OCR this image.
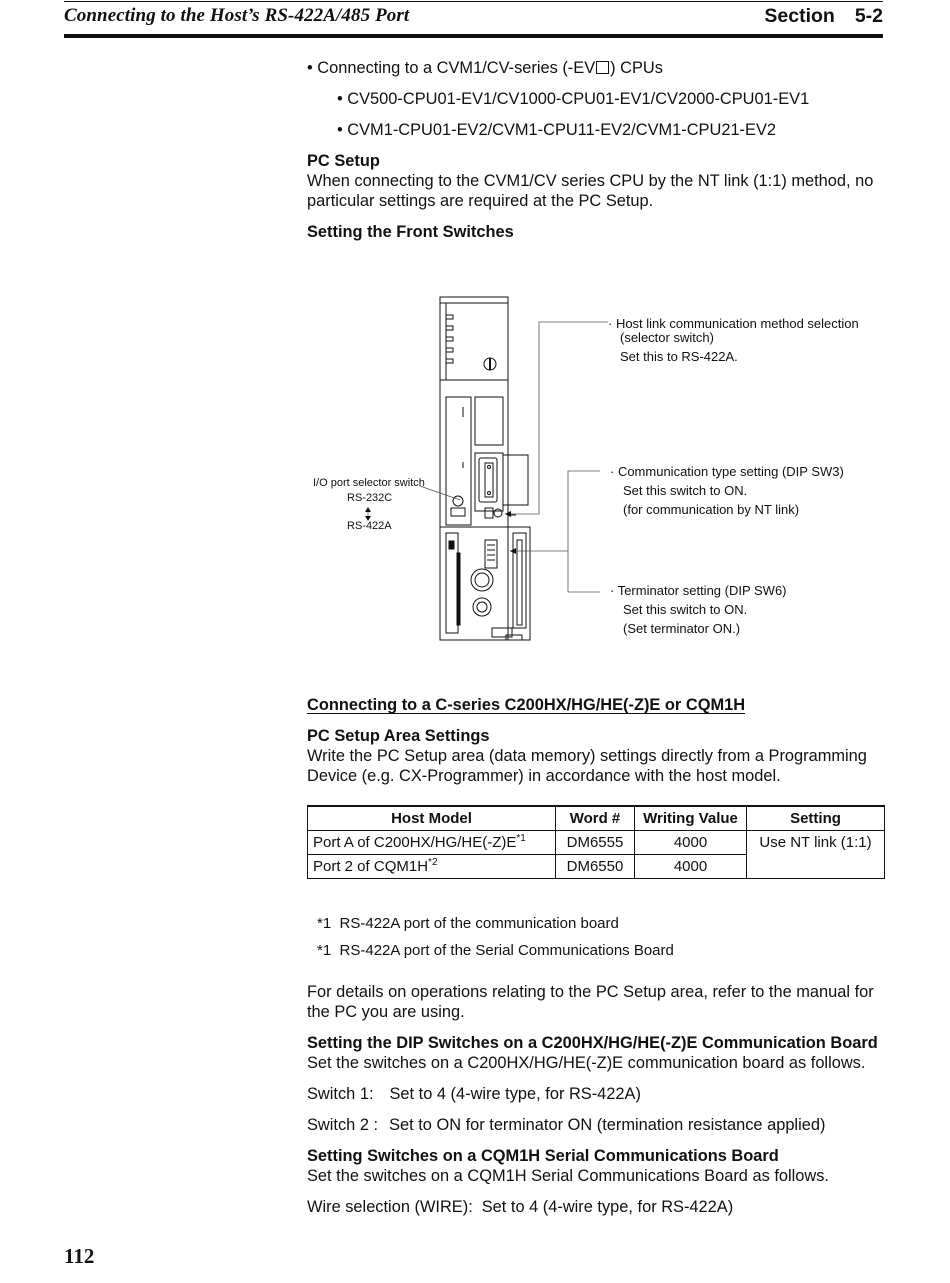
Connecting to the Host’s RS-422A/485 Port	Section 5-2
• Connecting to a CVM1/CV-series (-EV ) CPUs
• CV500-CPU01-EV1/CV1000-CPU01-EV1/CV2000-CPU01-EV1
• CVM1-CPU01-EV2/CVM1-CPU11-EV2/CVM1-CPU21-EV2
PC Setup
When connecting to the CVM1/CV series CPU by the NT link (1:1) method, no
particular settings are required at the PC Setup.
Setting the Front Switches
· Host link communication method selection
(selector switch)
Set this to RS-422A.
· Communication type setting (DIP SW3)
Set this switch to ON.
(for communication by NT link)
· Terminator setting (DIP SW6)
Set this switch to ON.
(Set terminator ON.)
I/O port selector switch
RS-232C
RS-422A
Connecting to a C-series C200HX/HG/HE(-Z)E or CQM1H
PC Setup Area Settings
Write the PC Setup area (data memory) settings directly from a Programming
Device (e.g. CX-Programmer) in accordance with the host model.
Host Model	Word #	Writing Value	Setting
Port A of $C200HX/HG/HE(-Z)E^{*1}$	DM6555	4000	Use NT link (1:1)
Port 2 of $CQM1H^{*2}$	DM6550	4000	
*1  RS-422A port of the communication board
*1  RS-422A port of the Serial Communications Board
For details on operations relating to the PC Setup area, refer to the manual for
the PC you are using.
Setting the DIP Switches on a C200HX/HG/HE(-Z)E Communication Board
Set the switches on a C200HX/HG/HE(-Z)E communication board as follows.
Switch 1: Set to 4 (4-wire type, for RS-422A)
Switch 2 : Set to ON for terminator ON (termination resistance applied)
Setting Switches on a CQM1H Serial Communications Board
Set the switches on a CQM1H Serial Communications Board as follows.
Wire selection (WIRE): Set to 4 (4-wire type, for RS-422A)
112
